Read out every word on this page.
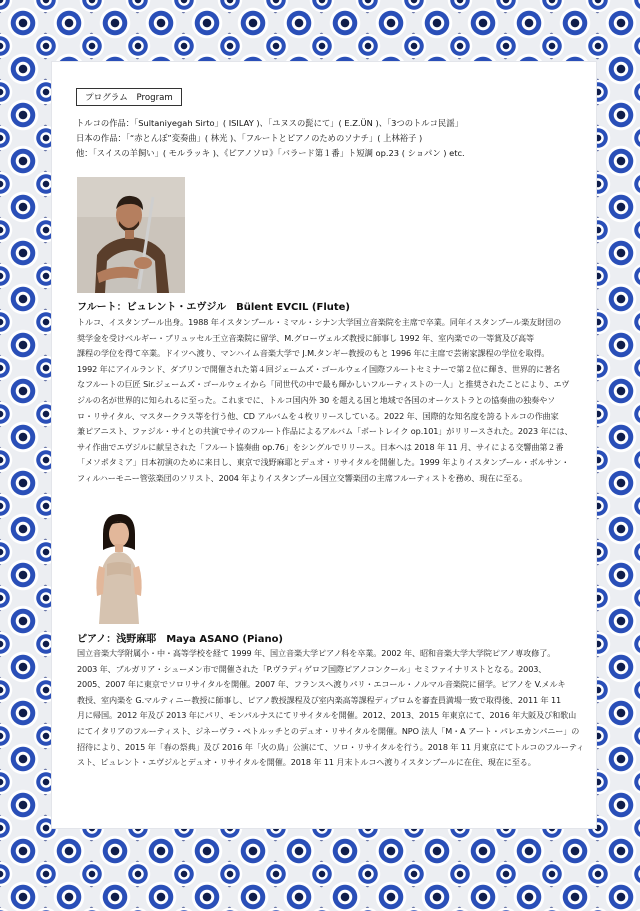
プログラム　Program
トルコの作品：「Sultaniyegah Sirto」( ISILAY )、「ユヌスの髭にて」( E.Z.ÜN )、「3つのトルコ民謡」
日本の作品：「“赤とんぼ”変奏曲」( 林光 )、「フルートとピアノのためのソナチ」( 上林裕子 )
他：「スイスの羊飼い」( モルラッキ )、《ピアノソロ》「バラード第１番」ト短調 op.23 ( ショパン ) etc.
フルート：ビュレント・エヴジル　Bülent EVCIL (Flute)
トルコ、イスタンブール出身。1988 年イスタンブール・ミマル・シナン大学国立音楽院を主席で卒業。同年イスタンブール楽友財団の
奨学金を受けベルギー・ブリュッセル王立音楽院に留学、M.グローヴェルズ教授に師事し 1992 年、室内楽での一等賞及び高等
課程の学位を得て卒業。ドイツへ渡り、マンハイム音楽大学で J.M.タンギー教授のもと 1996 年に主席で芸術家課程の学位を取得。
1992 年にアイルランド、ダブリンで開催された第４回ジェームズ・ゴールウェイ国際フルートセミナーで第２位に輝き、世界的に著名
なフルートの巨匠 Sir.ジェームズ・ゴールウェイから「同世代の中で最も輝かしいフルーティストの一人」と推奨されたことにより、エヴ
ジルの名が世界的に知られるに至った。これまでに、トルコ国内外 30 を超える国と地域で各国のオーケストラとの協奏曲の独奏やソ
ロ・リサイタル、マスタークラス等を行う他、CD アルバムを４枚リリースしている。2022 年、国際的な知名度を誇るトルコの作曲家
兼ピアニスト、ファジル・サイとの共演でサイのフルート作品によるアルバム「ボートレイク op.101」がリリースされた。2023 年には、
サイ作曲でエヴジルに献呈された「フルート協奏曲 op.76」をシングルでリリース。日本へは 2018 年 11 月、サイによる交響曲第２番
「メソポタミア」日本初演のために来日し、東京で浅野麻耶とデュオ・リサイタルを開催した。1999 年よりイスタンブール・ボルサン・
フィルハーモニー管弦楽団のソリスト、2004 年よりイスタンブール国立交響楽団の主席フルーティストを務め、現在に至る。
ピアノ：浅野麻耶　Maya ASANO (Piano)
国立音楽大学附属小・中・高等学校を経て 1999 年、国立音楽大学ピアノ科を卒業。2002 年、昭和音楽大学大学院ピアノ専攻修了。
2003 年、ブルガリア・シューメン市で開催された「P.ヴラディゲロフ国際ピアノコンクール」セミファイナリストとなる。2003、
2005、2007 年に東京でソロリサイタルを開催。2007 年、フランスへ渡りパリ・エコール・ノルマル音楽院に留学。ピアノを V.メルキ
教授、室内楽を G.マルティニー教授に師事し、ピアノ教授課程及び室内楽高等課程ディプロムを審査員満場一致で取得後、2011 年 11
月に帰国。2012 年及び 2013 年にパリ、モンパルナスにてリサイタルを開催。2012、2013、2015 年東京にて、2016 年大阪及び和歌山
にてイタリアのフルーティスト、ジネーヴラ・ペトルッチとのデュオ・リサイタルを開催。NPO 法人「M・A アート・パレエカンパニー」の
招待により、2015 年「春の祭典」及び 2016 年「火の鳥」公演にて、ソロ・リサイタルを行う。2018 年 11 月東京にてトルコのフルーティ
スト、ビュレント・エヴジルとデュオ・リサイタルを開催。2018 年 11 月末トルコへ渡りイスタンブールに在住、現在に至る。
